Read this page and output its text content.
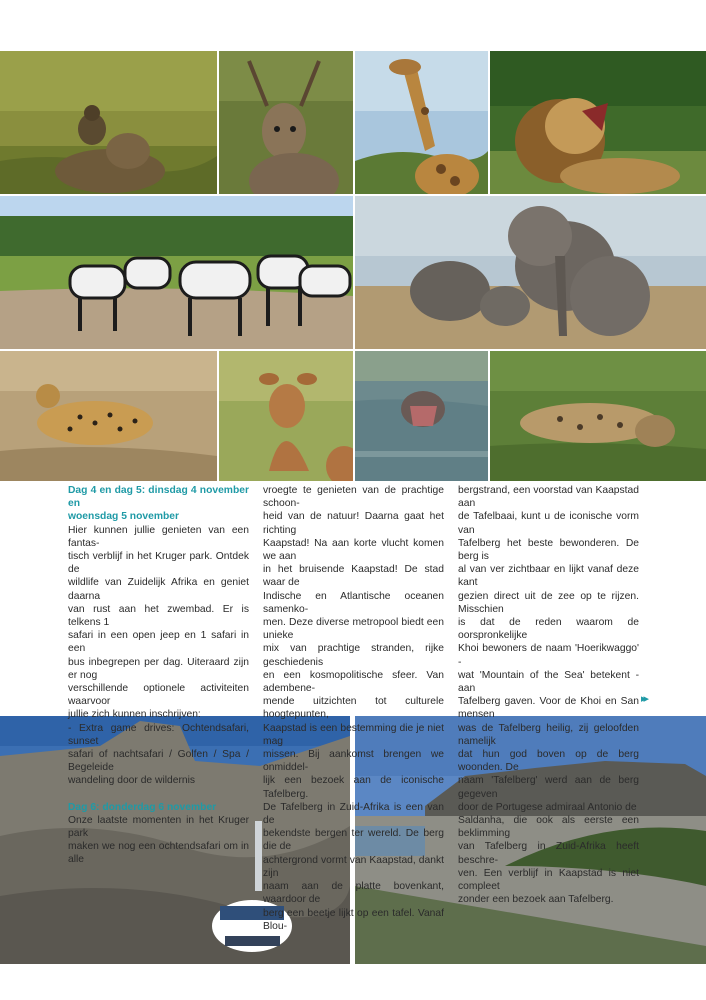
Dag 4 en dag 5: dinsdag 4 november en

woensdag 5 november

Hier kunnen jullie genieten van een fantas-

tisch verblijf in het Kruger park. Ontdek de

wildlife van Zuidelijk Afrika en geniet daarna

van rust aan het zwembad. Er is telkens 1

safari in een open jeep en 1 safari in een

bus inbegrepen per dag. Uiteraard zijn er nog

verschillende optionele activiteiten waarvoor

jullie zich kunnen inschrijven:

- Extra game drives: Ochtendsafari, sunset

safari of nachtsafari / Golfen / Spa / Begeleide

wandeling door de wildernis

Dag 6: donderdag 6 november

Onze laatste momenten in het Kruger park

maken we nog een ochtendsafari om in alle

vroegte te genieten van de prachtige schoon-

heid van de natuur! Daarna gaat het richting

Kaapstad! Na aan korte vlucht komen we aan

in het bruisende Kaapstad! De stad waar de

Indische en Atlantische oceanen samenko-

men. Deze diverse metropool biedt een unieke

mix van prachtige stranden, rijke geschiedenis

en een kosmopolitische sfeer. Van adembene-

mende uitzichten tot culturele hoogtepunten,

Kaapstad is een bestemming die je niet mag

missen. Bij aankomst brengen we onmiddel-

lijk een bezoek aan de iconische Tafelberg.

De Tafelberg in Zuid-Afrika is een van de

bekendste bergen ter wereld. De berg die de

achtergrond vormt van Kaapstad, dankt zijn

naam aan de platte bovenkant, waardoor de

berg een beetje lijkt op een tafel. Vanaf Blou-

bergstrand, een voorstad van Kaapstad aan

de Tafelbaai, kunt u de iconische vorm van

Tafelberg het beste bewonderen. De berg is

al van ver zichtbaar en lijkt vanaf deze kant

gezien direct uit de zee op te rijzen. Misschien

is dat de reden waarom de oorspronkelijke

Khoi bewoners de naam 'Hoerikwaggo' -

wat 'Mountain of the Sea' betekent - aan

Tafelberg gaven. Voor de Khoi en San mensen

was de Tafelberg heilig, zij geloofden namelijk

dat hun god boven op de berg woonden. De

naam 'Tafelberg' werd aan de berg gegeven

door de Portugese admiraal Antonio de

Saldanha, die ook als eerste een beklimming

van Tafelberg in Zuid-Afrika heeft beschre-

ven. Een verblijf in Kaapstad is niet compleet

zonder een bezoek aan Tafelberg.

▸▸
